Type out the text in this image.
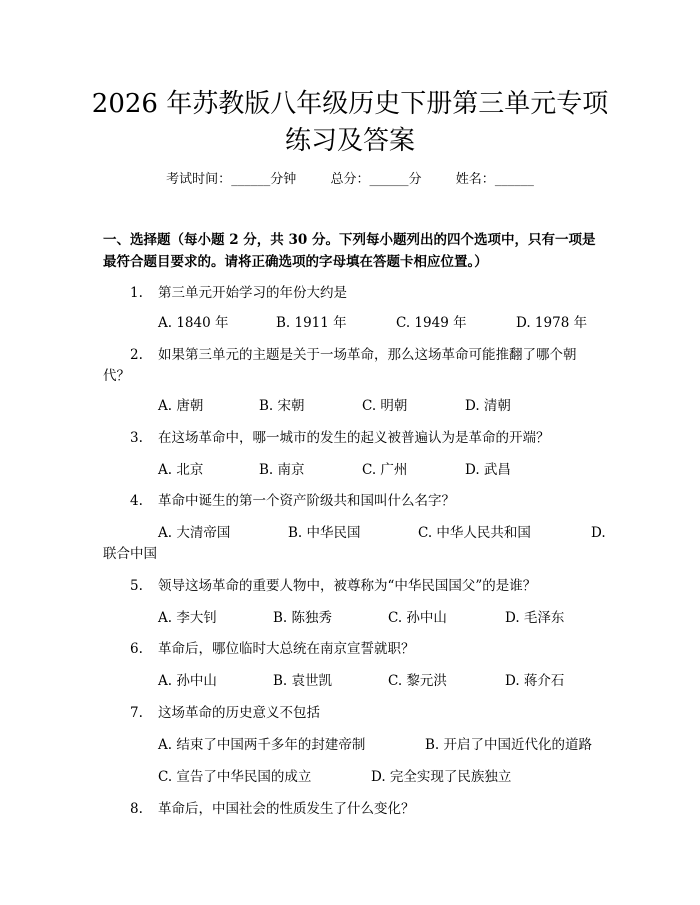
2026 年苏教版八年级历史下册第三单元专项
练习及答案
考试时间：______分钟	总分：______分	姓名：______
一、选择题（每小题 2 分，共 30 分。下列每小题列出的四个选项中，只有一项是最符合题目要求的。请将正确选项的字母填在答题卡相应位置。）
1. 第三单元开始学习的年份大约是
A. 1840 年	B. 1911 年	C. 1949 年	D. 1978 年
2. 如果第三单元的主题是关于一场革命，那么这场革命可能推翻了哪个朝
代？
A. 唐朝	B. 宋朝	C. 明朝	D. 清朝
3. 在这场革命中，哪一城市的发生的起义被普遍认为是革命的开端？
A. 北京	B. 南京	C. 广州	D. 武昌
4. 革命中诞生的第一个资产阶级共和国叫什么名字？
A. 大清帝国	B. 中华民国	C. 中华人民共和国	D.
联合中国
5. 领导这场革命的重要人物中，被尊称为“中华民国国父”的是谁？
A. 李大钊	B. 陈独秀	C. 孙中山	D. 毛泽东
6. 革命后，哪位临时大总统在南京宣誓就职？
A. 孙中山	B. 袁世凯	C. 黎元洪	D. 蒋介石
7. 这场革命的历史意义不包括
A. 结束了中国两千多年的封建帝制	B. 开启了中国近代化的道路
C. 宣告了中华民国的成立	D. 完全实现了民族独立
8. 革命后，中国社会的性质发生了什么变化？
